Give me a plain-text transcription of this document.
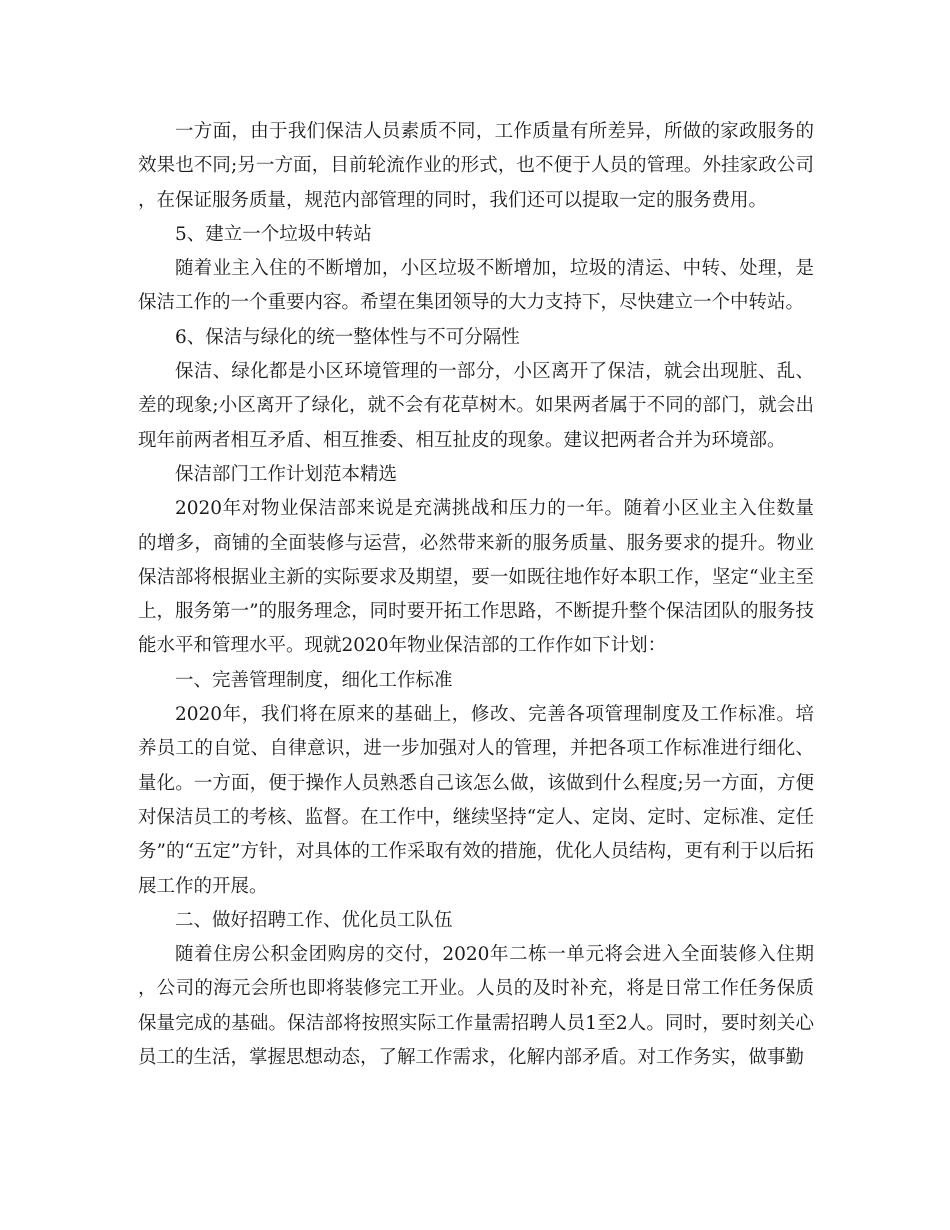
一方面，由于我们保洁人员素质不同，工作质量有所差异，所做的家政服务的效果也不同;另一方面，目前轮流作业的形式，也不便于人员的管理。外挂家政公司，在保证服务质量，规范内部管理的同时，我们还可以提取一定的服务费用。

5、建立一个垃圾中转站

随着业主入住的不断增加，小区垃圾不断增加，垃圾的清运、中转、处理，是保洁工作的一个重要内容。希望在集团领导的大力支持下，尽快建立一个中转站。

6、保洁与绿化的统一整体性与不可分隔性

保洁、绿化都是小区环境管理的一部分，小区离开了保洁，就会出现脏、乱、差的现象;小区离开了绿化，就不会有花草树木。如果两者属于不同的部门，就会出现年前两者相互矛盾、相互推委、相互扯皮的现象。建议把两者合并为环境部。

保洁部门工作计划范本精选

2020年对物业保洁部来说是充满挑战和压力的一年。随着小区业主入住数量的增多，商铺的全面装修与运营，必然带来新的服务质量、服务要求的提升。物业保洁部将根据业主新的实际要求及期望，要一如既往地作好本职工作，坚定“业主至上，服务第一”的服务理念，同时要开拓工作思路，不断提升整个保洁团队的服务技能水平和管理水平。现就2020年物业保洁部的工作作如下计划：

一、完善管理制度，细化工作标准

2020年，我们将在原来的基础上，修改、完善各项管理制度及工作标准。培养员工的自觉、自律意识，进一步加强对人的管理，并把各项工作标准进行细化、量化。一方面，便于操作人员熟悉自己该怎么做，该做到什么程度;另一方面，方便对保洁员工的考核、监督。在工作中，继续坚持“定人、定岗、定时、定标准、定任务”的“五定”方针，对具体的工作采取有效的措施，优化人员结构，更有利于以后拓展工作的开展。

二、做好招聘工作、优化员工队伍

随着住房公积金团购房的交付，2020年二栋一单元将会进入全面装修入住期，公司的海元会所也即将装修完工开业。人员的及时补充，将是日常工作任务保质保量完成的基础。保洁部将按照实际工作量需招聘人员1至2人。同时，要时刻关心员工的生活，掌握思想动态，了解工作需求，化解内部矛盾。对工作务实，做事勤
